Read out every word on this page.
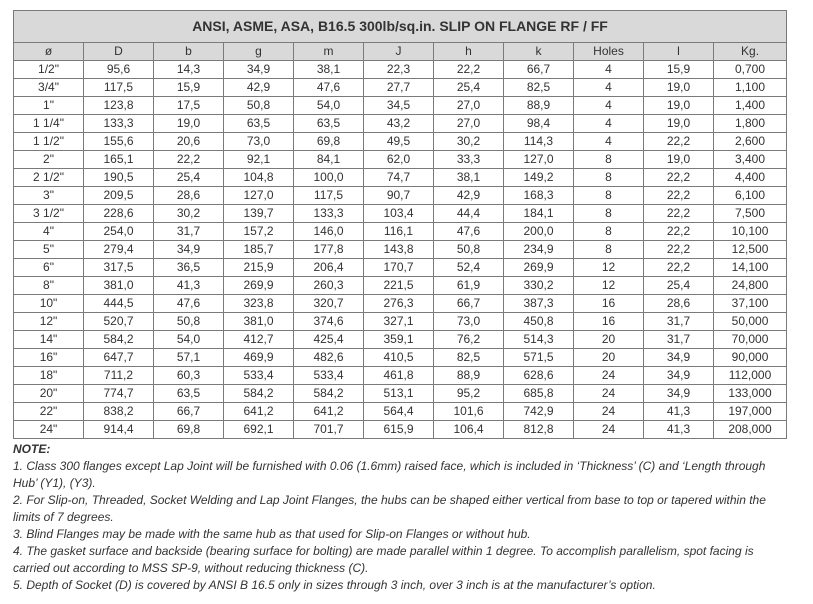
ANSI, ASME, ASA, B16.5 300lb/sq.in. SLIP ON FLANGE RF / FF										
ø	D	b	g	m	J	h	k	Holes	l	Kg.
1/2"	95,6	14,3	34,9	38,1	22,3	22,2	66,7	4	15,9	0,700
3/4"	117,5	15,9	42,9	47,6	27,7	25,4	82,5	4	19,0	1,100
1"	123,8	17,5	50,8	54,0	34,5	27,0	88,9	4	19,0	1,400
1 1/4"	133,3	19,0	63,5	63,5	43,2	27,0	98,4	4	19,0	1,800
1 1/2"	155,6	20,6	73,0	69,8	49,5	30,2	114,3	4	22,2	2,600
2"	165,1	22,2	92,1	84,1	62,0	33,3	127,0	8	19,0	3,400
2 1/2"	190,5	25,4	104,8	100,0	74,7	38,1	149,2	8	22,2	4,400
3"	209,5	28,6	127,0	117,5	90,7	42,9	168,3	8	22,2	6,100
3 1/2"	228,6	30,2	139,7	133,3	103,4	44,4	184,1	8	22,2	7,500
4"	254,0	31,7	157,2	146,0	116,1	47,6	200,0	8	22,2	10,100
5"	279,4	34,9	185,7	177,8	143,8	50,8	234,9	8	22,2	12,500
6"	317,5	36,5	215,9	206,4	170,7	52,4	269,9	12	22,2	14,100
8"	381,0	41,3	269,9	260,3	221,5	61,9	330,2	12	25,4	24,800
10"	444,5	47,6	323,8	320,7	276,3	66,7	387,3	16	28,6	37,100
12"	520,7	50,8	381,0	374,6	327,1	73,0	450,8	16	31,7	50,000
14"	584,2	54,0	412,7	425,4	359,1	76,2	514,3	20	31,7	70,000
16"	647,7	57,1	469,9	482,6	410,5	82,5	571,5	20	34,9	90,000
18"	711,2	60,3	533,4	533,4	461,8	88,9	628,6	24	34,9	112,000
20"	774,7	63,5	584,2	584,2	513,1	95,2	685,8	24	34,9	133,000
22"	838,2	66,7	641,2	641,2	564,4	101,6	742,9	24	41,3	197,000
24"	914,4	69,8	692,1	701,7	615,9	106,4	812,8	24	41,3	208,000

NOTE:

1. Class 300 flanges except Lap Joint will be furnished with 0.06 (1.6mm) raised face, which is included in ‘Thickness’ (C) and ‘Length through Hub’ (Y1), (Y3).

2. For Slip-on, Threaded, Socket Welding and Lap Joint Flanges, the hubs can be shaped either vertical from base to top or tapered within the limits of 7 degrees.

3. Blind Flanges may be made with the same hub as that used for Slip-on Flanges or without hub.

4. The gasket surface and backside (bearing surface for bolting) are made parallel within 1 degree. To accomplish parallelism, spot facing is carried out according to MSS SP-9, without reducing thickness (C).

5. Depth of Socket (D) is covered by ANSI B 16.5 only in sizes through 3 inch, over 3 inch is at the manufacturer’s option.
